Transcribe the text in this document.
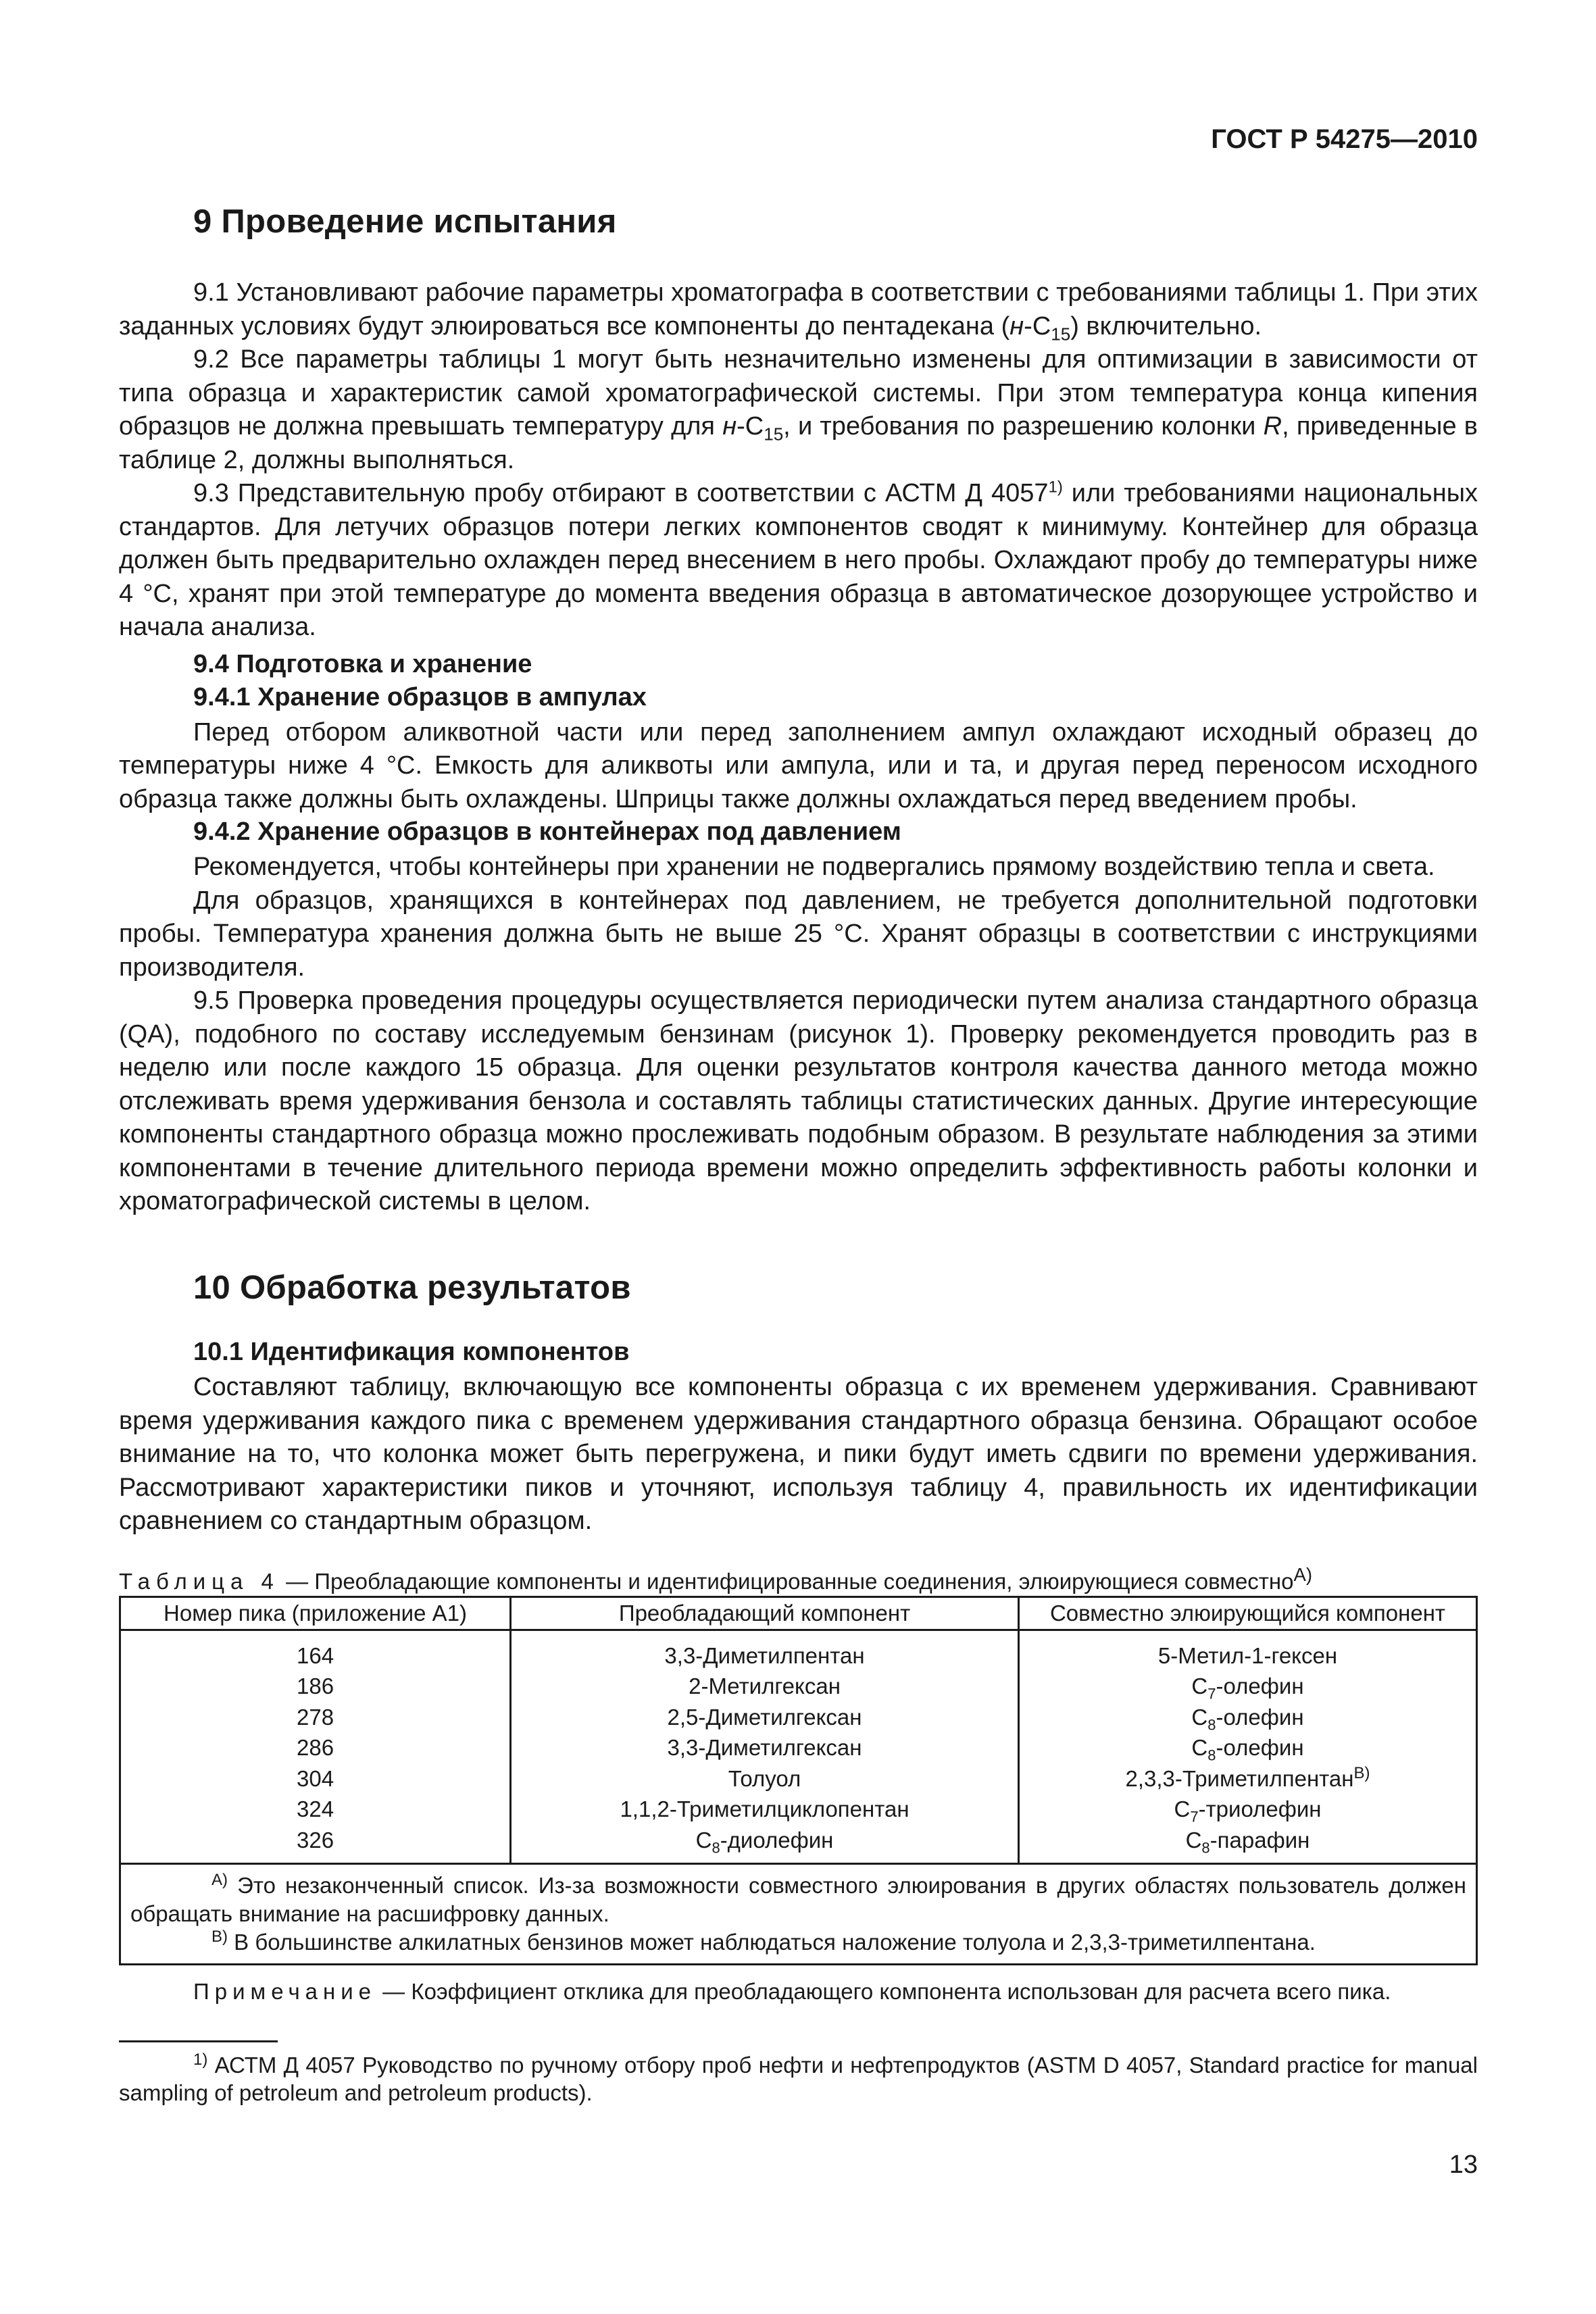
ГОСТ Р 54275—2010
9 Проведение испытания

9.1 Установливают рабочие параметры хроматографа в соответствии с требованиями таблицы 1. При этих заданных условиях будут элюироваться все компоненты до пентадекана $(н-С_{15})$ включительно.

9.2 Все параметры таблицы 1 могут быть незначительно изменены для оптимизации в зависимости от типа образца и характеристик самой хроматографической системы. При этом температура конца кипения образцов не должна превышать температуру для $н-С_{15}$, и требования по разрешению колонки R, приведенные в таблице 2, должны выполняться.

9.3 Представительную пробу отбирают в соответствии с АСТМ Д 4057$^{1)}$ или требованиями национальных стандартов. Для летучих образцов потери легких компонентов сводят к минимуму. Контейнер для образца должен быть предварительно охлажден перед внесением в него пробы. Охлаждают пробу до температуры ниже 4 °С, хранят при этой температуре до момента введения образца в автоматическое дозорующее устройство и начала анализа.

9.4 Подготовка и хранение

9.4.1 Хранение образцов в ампулах

Перед отбором аликвотной части или перед заполнением ампул охлаждают исходный образец до температуры ниже 4 °С. Емкость для аликвоты или ампула, или и та, и другая перед переносом исходного образца также должны быть охлаждены. Шприцы также должны охлаждаться перед введением пробы.

9.4.2 Хранение образцов в контейнерах под давлением

Рекомендуется, чтобы контейнеры при хранении не подвергались прямому воздействию тепла и света.

Для образцов, хранящихся в контейнерах под давлением, не требуется дополнительной подготовки пробы. Температура хранения должна быть не выше 25 °С. Хранят образцы в соответствии с инструкциями производителя.

9.5 Проверка проведения процедуры осуществляется периодически путем анализа стандартного образца (QA), подобного по составу исследуемым бензинам (рисунок 1). Проверку рекомендуется проводить раз в неделю или после каждого 15 образца. Для оценки результатов контроля качества данного метода можно отслеживать время удерживания бензола и составлять таблицы статистических данных. Другие интересующие компоненты стандартного образца можно прослеживать подобным образом. В результате наблюдения за этими компонентами в течение длительного периода времени можно определить эффективность работы колонки и хроматографической системы в целом.

10 Обработка результатов

10.1 Идентификация компонентов

Составляют таблицу, включающую все компоненты образца с их временем удерживания. Сравнивают время удерживания каждого пика с временем удерживания стандартного образца бензина. Обращают особое внимание на то, что колонка может быть перегружена, и пики будут иметь сдвиги по времени удерживания. Рассмотривают характеристики пиков и уточняют, используя таблицу 4, правильность их идентификации сравнением со стандартным образцом.

Таблица 4 — Преобладающие компоненты и идентифицированные соединения, элюирующиеся совместно$^{A)}$
Номер пика (приложение А1)	Преобладающий компонент	Совместно элюирующийся компонент
164	3,3-Диметилпентан	5-Метил-1-гексен
186	2-Метилгексан	$С_7$-олефин
278	2,5-Диметилгексан	$С_8$-олефин
286	3,3-Диметилгексан	$С_8$-олефин
304	Толуол	2,3,3-Триметилпентан$^{B)}$
324	1,1,2-Триметилциклопентан	$С_7$-триолефин
326	$С_8$-диолефин	$С_8$-парафин

$^{A)}$ Это незаконченный список. Из-за возможности совместного элюирования в других областях пользователь должен обращать внимание на расшифровку данных.
$^{B)}$ В большинстве алкилатных бензинов может наблюдаться наложение толуола и 2,3,3-триметилпентана.		
Примечание — Коэффициент отклика для преобладающего компонента использован для расчета всего пика.
$^{1)}$ АСТМ Д 4057 Руководство по ручному отбору проб нефти и нефтепродуктов (ASTM D 4057, Standard practice for manual sampling of petroleum and petroleum products).
13
